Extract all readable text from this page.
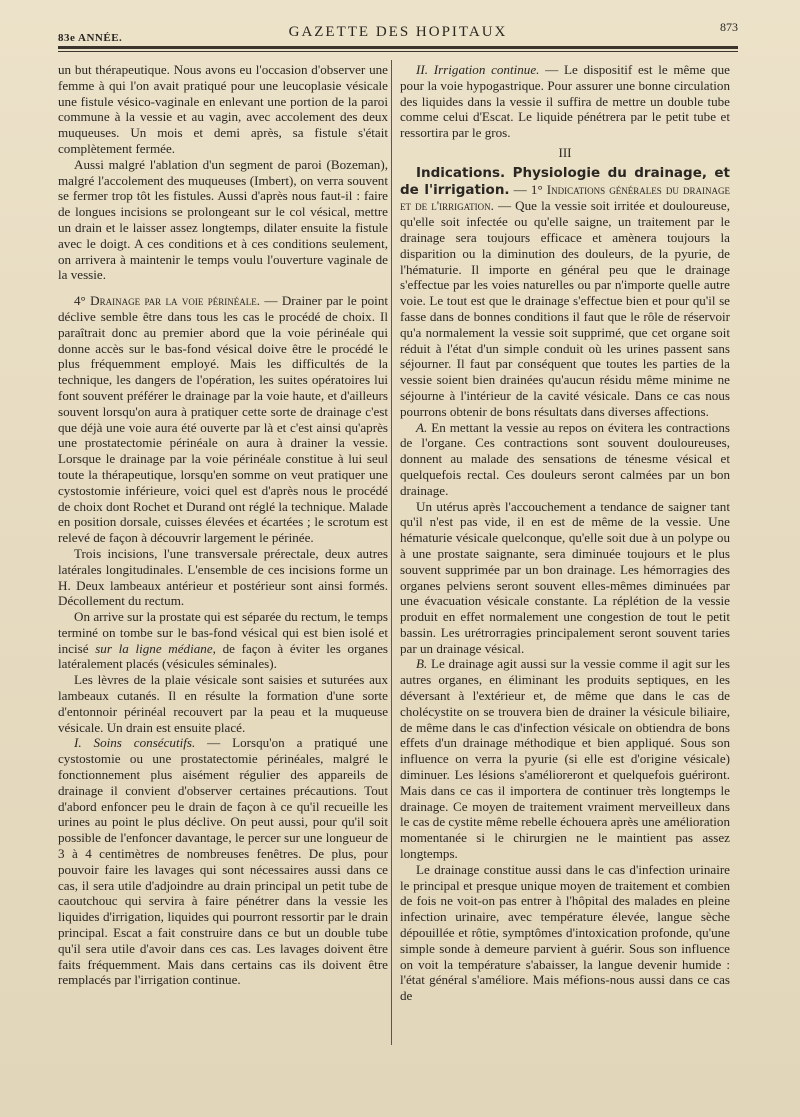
83e ANNÉE.	GAZETTE DES HOPITAUX	873

un but thérapeutique. Nous avons eu l'occasion d'observer une femme à qui l'on avait pratiqué pour une leucoplasie vésicale une fistule vésico-vaginale en enlevant une portion de la paroi commune à la vessie et au vagin, avec accolement des deux muqueuses. Un mois et demi après, sa fistule s'était complètement fermée.

Aussi malgré l'ablation d'un segment de paroi (Bozeman), malgré l'accolement des muqueuses (Imbert), on verra souvent se fermer trop tôt les fistules. Aussi d'après nous faut-il : faire de longues incisions se prolongeant sur le col vésical, mettre un drain et le laisser assez longtemps, dilater ensuite la fistule avec le doigt. A ces conditions et à ces conditions seulement, on arrivera à maintenir le temps voulu l'ouverture vaginale de la vessie.

4° Drainage par la voie périnéale. — Drainer par le point déclive semble être dans tous les cas le procédé de choix. Il paraîtrait donc au premier abord que la voie périnéale qui donne accès sur le bas-fond vésical doive être le procédé le plus fréquemment employé. Mais les difficultés de la technique, les dangers de l'opération, les suites opératoires lui font souvent préférer le drainage par la voie haute, et d'ailleurs souvent lorsqu'on aura à pratiquer cette sorte de drainage c'est que déjà une voie aura été ouverte par là et c'est ainsi qu'après une prostatectomie périnéale on aura à drainer la vessie. Lorsque le drainage par la voie périnéale constitue à lui seul toute la thérapeutique, lorsqu'en somme on veut pratiquer une cystostomie inférieure, voici quel est d'après nous le procédé de choix dont Rochet et Durand ont réglé la technique. Malade en position dorsale, cuisses élevées et écartées ; le scrotum est relevé de façon à découvrir largement le périnée.

Trois incisions, l'une transversale prérectale, deux autres latérales longitudinales. L'ensemble de ces incisions forme un H. Deux lambeaux antérieur et postérieur sont ainsi formés. Décollement du rectum.

On arrive sur la prostate qui est séparée du rectum, le temps terminé on tombe sur le bas-fond vésical qui est bien isolé et incisé sur la ligne médiane, de façon à éviter les organes latéralement placés (vésicules séminales).

Les lèvres de la plaie vésicale sont saisies et suturées aux lambeaux cutanés. Il en résulte la formation d'une sorte d'entonnoir périnéal recouvert par la peau et la muqueuse vésicale. Un drain est ensuite placé.

I. Soins consécutifs. — Lorsqu'on a pratiqué une cystostomie ou une prostatectomie périnéales, malgré le fonctionnement plus aisément régulier des appareils de drainage il convient d'observer certaines précautions. Tout d'abord enfoncer peu le drain de façon à ce qu'il recueille les urines au point le plus déclive. On peut aussi, pour qu'il soit possible de l'enfoncer davantage, le percer sur une longueur de 3 à 4 centimètres de nombreuses fenêtres. De plus, pour pouvoir faire les lavages qui sont nécessaires aussi dans ce cas, il sera utile d'adjoindre au drain principal un petit tube de caoutchouc qui servira à faire pénétrer dans la vessie les liquides d'irrigation, liquides qui pourront ressortir par le drain principal. Escat a fait construire dans ce but un double tube qu'il sera utile d'avoir dans ces cas. Les lavages doivent être faits fréquemment. Mais dans certains cas ils doivent être remplacés par l'irrigation continue.

II. Irrigation continue. — Le dispositif est le même que pour la voie hypogastrique. Pour assurer une bonne circulation des liquides dans la vessie il suffira de mettre un double tube comme celui d'Escat. Le liquide pénétrera par le petit tube et ressortira par le gros.

III

Indications. Physiologie du drainage, et de l'irrigation. — 1° Indications générales du drainage et de l'irrigation. — Que la vessie soit irritée et douloureuse, qu'elle soit infectée ou qu'elle saigne, un traitement par le drainage sera toujours efficace et amènera toujours la disparition ou la diminution des douleurs, de la pyurie, de l'hématurie. Il importe en général peu que le drainage s'effectue par les voies naturelles ou par n'importe quelle autre voie. Le tout est que le drainage s'effectue bien et pour qu'il se fasse dans de bonnes conditions il faut que le rôle de réservoir qu'a normalement la vessie soit supprimé, que cet organe soit réduit à l'état d'un simple conduit où les urines passent sans séjourner. Il faut par conséquent que toutes les parties de la vessie soient bien drainées qu'aucun résidu même minime ne séjourne à l'intérieur de la cavité vésicale. Dans ce cas nous pourrons obtenir de bons résultats dans diverses affections.

A. En mettant la vessie au repos on évitera les contractions de l'organe. Ces contractions sont souvent douloureuses, donnent au malade des sensations de ténesme vésical et quelquefois rectal. Ces douleurs seront calmées par un bon drainage.

Un utérus après l'accouchement a tendance de saigner tant qu'il n'est pas vide, il en est de même de la vessie. Une hématurie vésicale quelconque, qu'elle soit due à un polype ou à une prostate saignante, sera diminuée toujours et le plus souvent supprimée par un bon drainage. Les hémorragies des organes pelviens seront souvent elles-mêmes diminuées par une évacuation vésicale constante. La réplétion de la vessie produit en effet normalement une congestion de tout le petit bassin. Les urétrorragies principalement seront souvent taries par un drainage vésical.

B. Le drainage agit aussi sur la vessie comme il agit sur les autres organes, en éliminant les produits septiques, en les déversant à l'extérieur et, de même que dans le cas de cholécystite on se trouvera bien de drainer la vésicule biliaire, de même dans le cas d'infection vésicale on obtiendra de bons effets d'un drainage méthodique et bien appliqué. Sous son influence on verra la pyurie (si elle est d'origine vésicale) diminuer. Les lésions s'amélioreront et quelquefois guériront. Mais dans ce cas il importera de continuer très longtemps le drainage. Ce moyen de traitement vraiment merveilleux dans le cas de cystite même rebelle échouera après une amélioration momentanée si le chirurgien ne le maintient pas assez longtemps.

Le drainage constitue aussi dans le cas d'infection urinaire le principal et presque unique moyen de traitement et combien de fois ne voit-on pas entrer à l'hôpital des malades en pleine infection urinaire, avec température élevée, langue sèche dépouillée et rôtie, symptômes d'intoxication profonde, qu'une simple sonde à demeure parvient à guérir. Sous son influence on voit la température s'abaisser, la langue devenir humide : l'état général s'améliore. Mais méfions-nous aussi dans ce cas de
